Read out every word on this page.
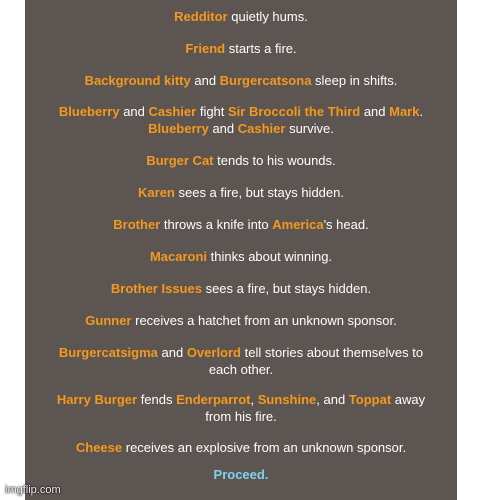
Redditor quietly hums.
Friend starts a fire.
Background kitty and Burgercatsona sleep in shifts.
Blueberry and Cashier fight Sir Broccoli the Third and Mark.
Blueberry and Cashier survive.
Burger Cat tends to his wounds.
Karen sees a fire, but stays hidden.
Brother throws a knife into America's head.
Macaroni thinks about winning.
Brother Issues sees a fire, but stays hidden.
Gunner receives a hatchet from an unknown sponsor.
Burgercatsigma and Overlord tell stories about themselves to
each other.
Harry Burger fends Enderparrot, Sunshine, and Toppat away
from his fire.
Cheese receives an explosive from an unknown sponsor.
Proceed.
imgflip.com
